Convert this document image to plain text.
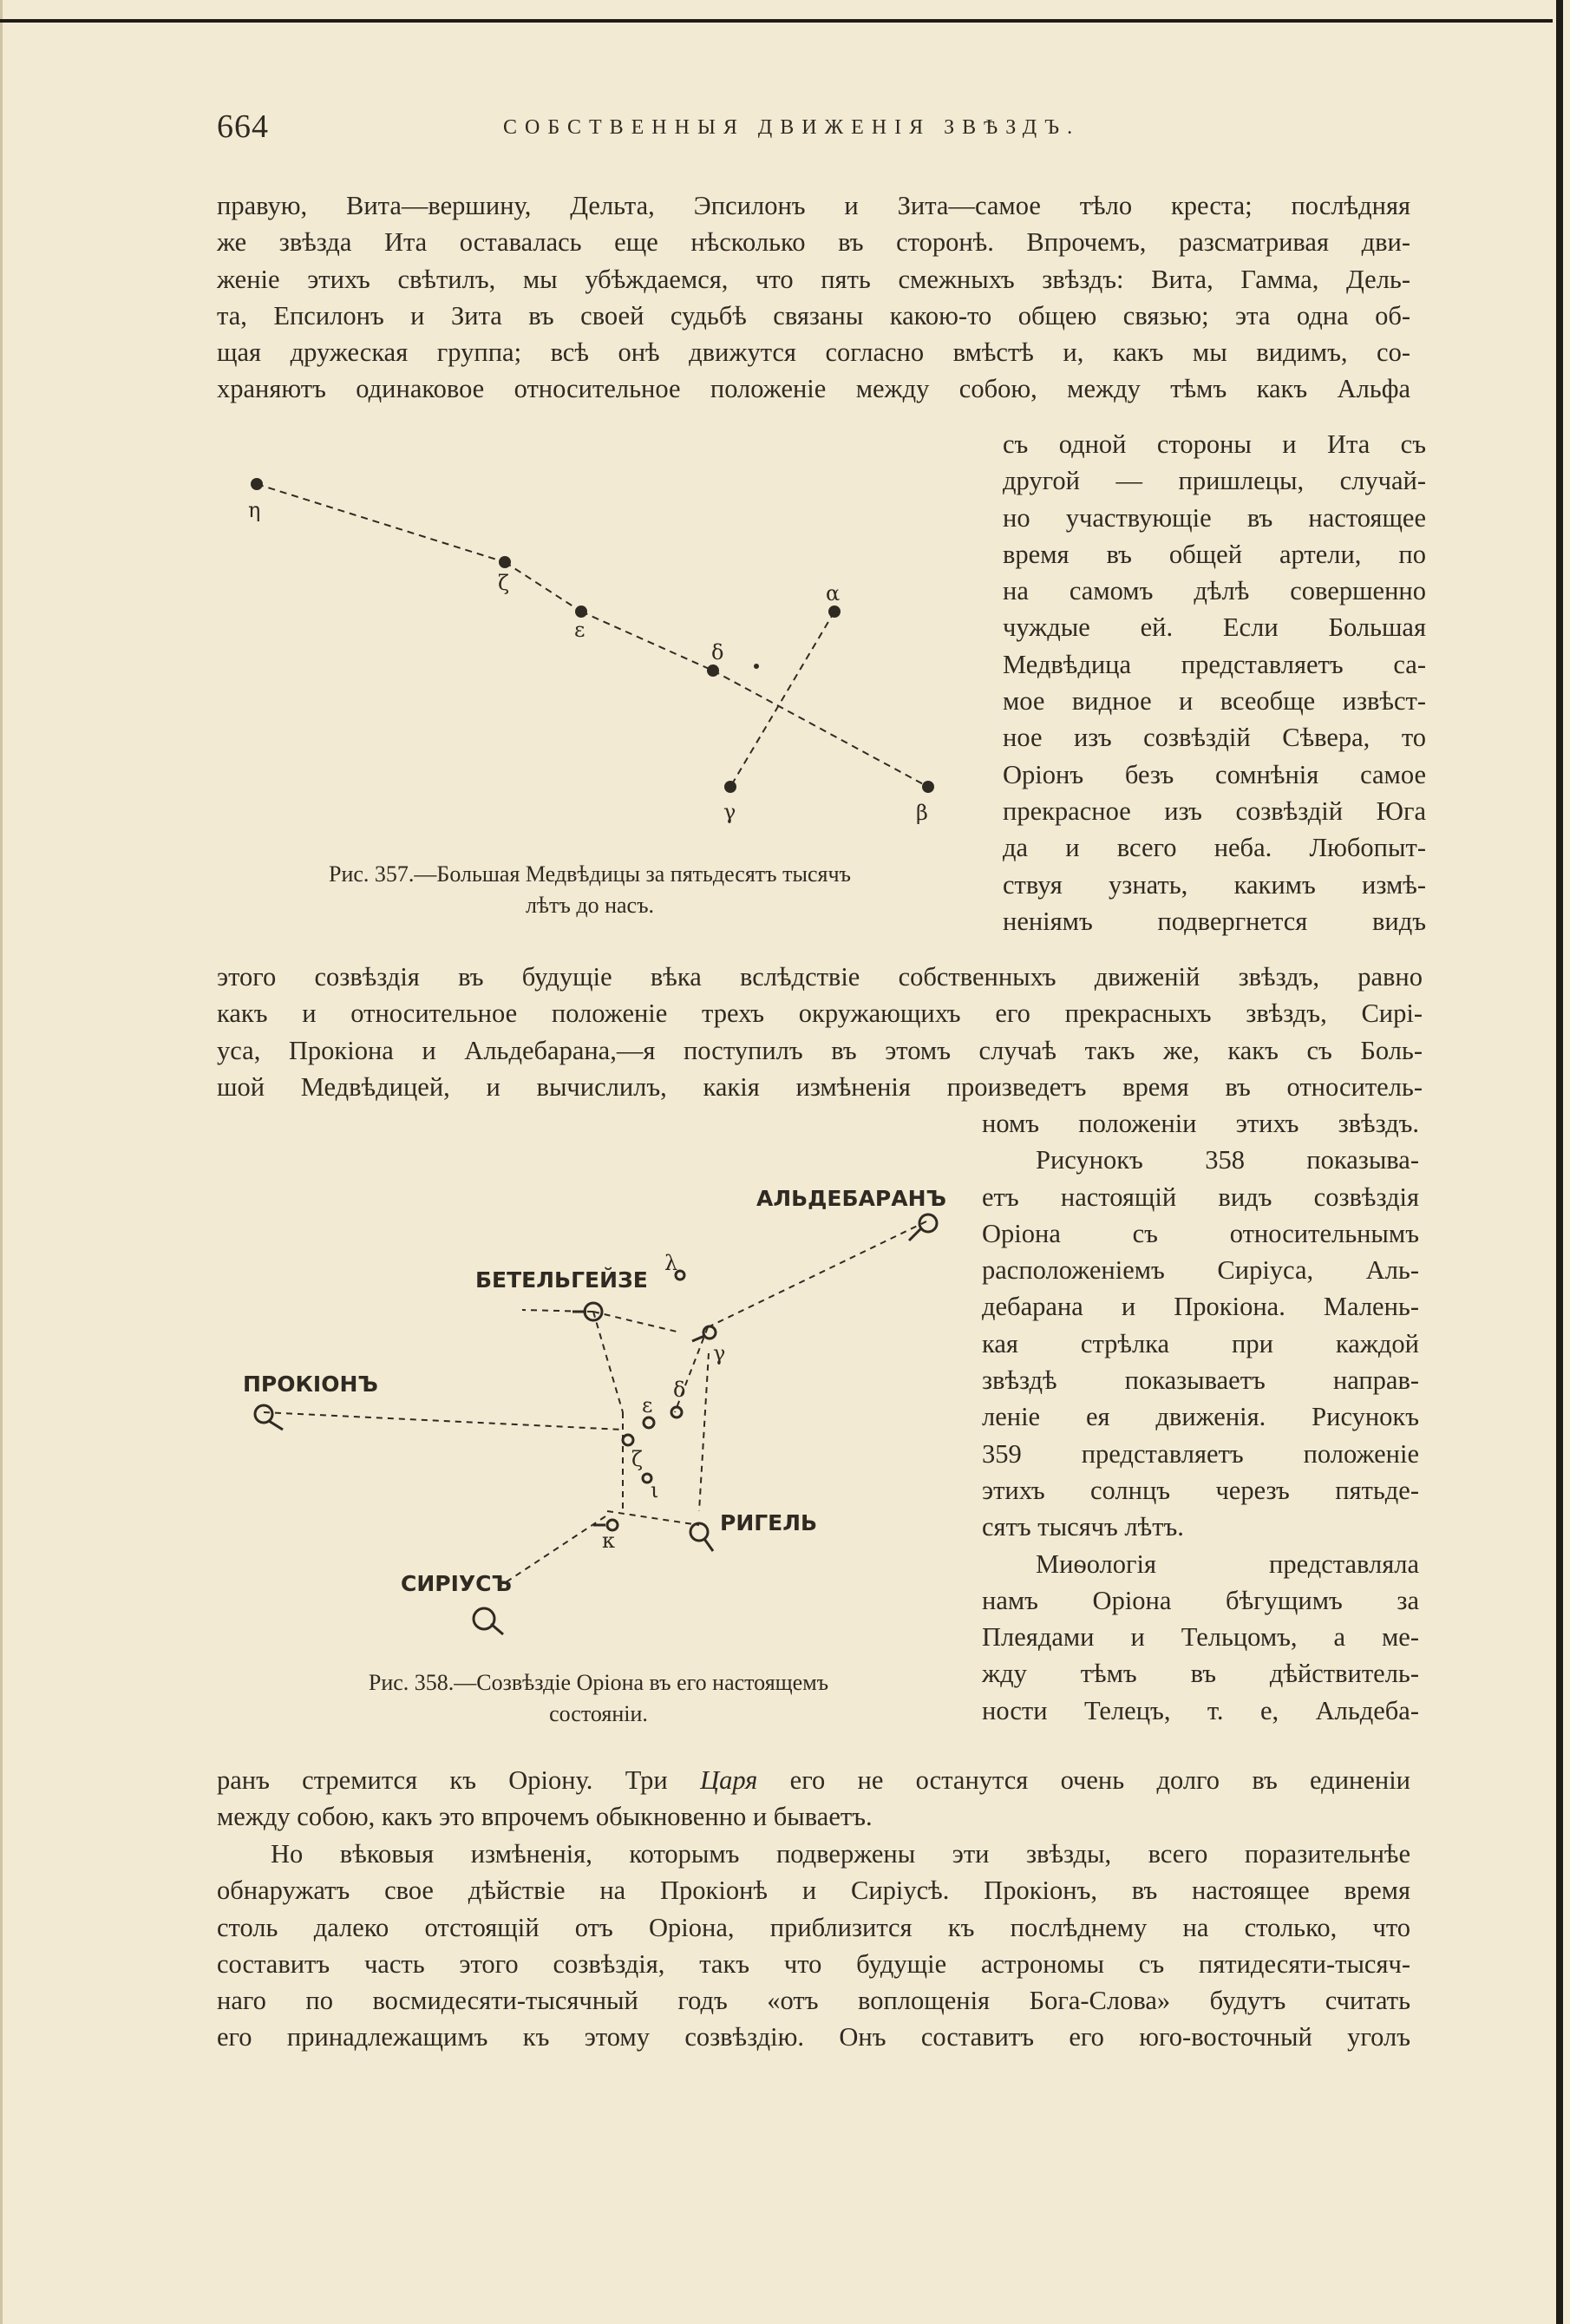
664	СОБСТВЕННЫЯ ДВИЖЕНІЯ ЗВѢЗДЪ.
правую, Вита—вершину, Дельта, Эпсилонъ и Зита—самое тѣло креста; послѣдняя
же звѣзда Ита оставалась еще нѣсколько въ сторонѣ. Впрочемъ, разсматривая дви-
женіе этихъ свѣтилъ, мы убѣждаемся, что пять смежныхъ звѣздъ: Вита, Гамма, Дель-
та, Епсилонъ и Зита въ своей судьбѣ связаны какою-то общею связью; эта одна об-
щая дружеская группа; всѣ онѣ движутся согласно вмѣстѣ и, какъ мы видимъ, со-
храняютъ одинаковое относительное положеніе между собою, между тѣмъ какъ Альфа
η
ζ
ε
δ
α
γ	β
Рис. 357.—Большая Медвѣдицы за пятьдесятъ тысячъ
лѣтъ до насъ.
съ одной стороны и Ита съ
другой — пришлецы, случай-
но участвующіе въ настоящее
время въ общей артели, по
на самомъ дѣлѣ совершенно
чуждые ей. Если Большая
Медвѣдица представляетъ са-
мое видное и всеобще извѣст-
ное изъ созвѣздій Сѣвера, то
Оріонъ безъ сомнѣнія самое
прекрасное изъ созвѣздій Юга
да и всего неба. Любопыт-
ствуя узнать, какимъ измѣ-
неніямъ подвергнется видъ
этого созвѣздія въ будущіе вѣка вслѣдствіе собственныхъ движеній звѣздъ, равно
какъ и относительное положеніе трехъ окружающихъ его прекрасныхъ звѣздъ, Сиpі-
уса, Прокіона и Альдебарана,—я поступилъ въ этомъ случаѣ такъ же, какъ съ Боль-
шой Медвѣдицей, и вычислилъ, какія измѣненія произведетъ время въ относитель-
номъ положеніи этихъ звѣздъ.
Рисунокъ 358 показыва-
етъ настоящій видъ созвѣздія
Оріона съ относительнымъ
расположеніемъ Сиріуса, Аль-
дебарана и Прокіона. Малень-
кая стрѣлка при каждой
звѣздѣ показываетъ направ-
леніе ея движенія. Рисунокъ
359 представляетъ положеніе
этихъ солнцъ черезъ пятьде-
сятъ тысячъ лѣтъ.
Миѳологія представляла
намъ Оріона бѣгущимъ за
Плеядами и Тельцомъ, а ме-
жду тѣмъ въ дѣйствитель-
ности Телецъ, т. е, Альдеба-
АЛЬДЕБАРАНЪ
БЕТЕЛЬГЕЙЗЕ
ПРОКІОНЪ
РИГЕЛЬ
СИРІУСЪ
λ
γ
δ
ε
ζ
ι
κ
Рис. 358.—Созвѣздіе Оріона въ его настоящемъ
состояніи.
ранъ стремится къ Оріону. Три Царя его не останутся очень долго въ единеніи
между собою, какъ это впрочемъ обыкновенно и бываетъ.
Но вѣковыя измѣненія, которымъ подвержены эти звѣзды, всего поразительнѣе
обнаружатъ свое дѣйствіе на Прокіонѣ и Сиріусѣ. Прокіонъ, въ настоящее время
столь далеко отстоящій отъ Оріона, приблизится къ послѣднему на столько, что
составитъ часть этого созвѣздія, такъ что будущіе астрономы съ пятидесяти-тысяч-
наго по восмидесяти-тысячный годъ «отъ воплощенія Бога-Слова» будутъ считать
его принадлежащимъ къ этому созвѣздію. Онъ составитъ его юго-восточный уголъ
